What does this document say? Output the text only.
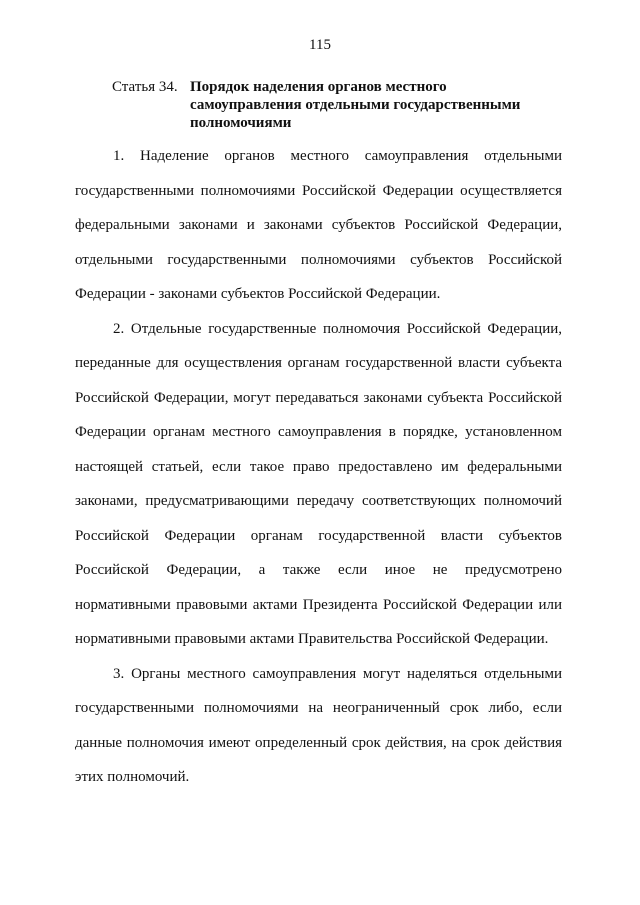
115
Статья 34. Порядок наделения органов местного
самоуправления отдельными государственными
полномочиями
1. Наделение органов местного самоуправления отдельными
государственными полномочиями Российской Федерации осуществляется
федеральными законами и законами субъектов Российской Федерации,
отдельными государственными полномочиями субъектов Российской
Федерации - законами субъектов Российской Федерации.
2. Отдельные государственные полномочия Российской Федерации,
переданные для осуществления органам государственной власти субъекта
Российской Федерации, могут передаваться законами субъекта Российской
Федерации органам местного самоуправления в порядке, установленном
настоящей статьей, если такое право предоставлено им федеральными
законами, предусматривающими передачу соответствующих полномочий
Российской Федерации органам государственной власти субъектов
Российской Федерации, а также если иное не предусмотрено
нормативными правовыми актами Президента Российской Федерации или
нормативными правовыми актами Правительства Российской Федерации.
3. Органы местного самоуправления могут наделяться отдельными
государственными полномочиями на неограниченный срок либо, если
данные полномочия имеют определенный срок действия, на срок действия
этих полномочий.
